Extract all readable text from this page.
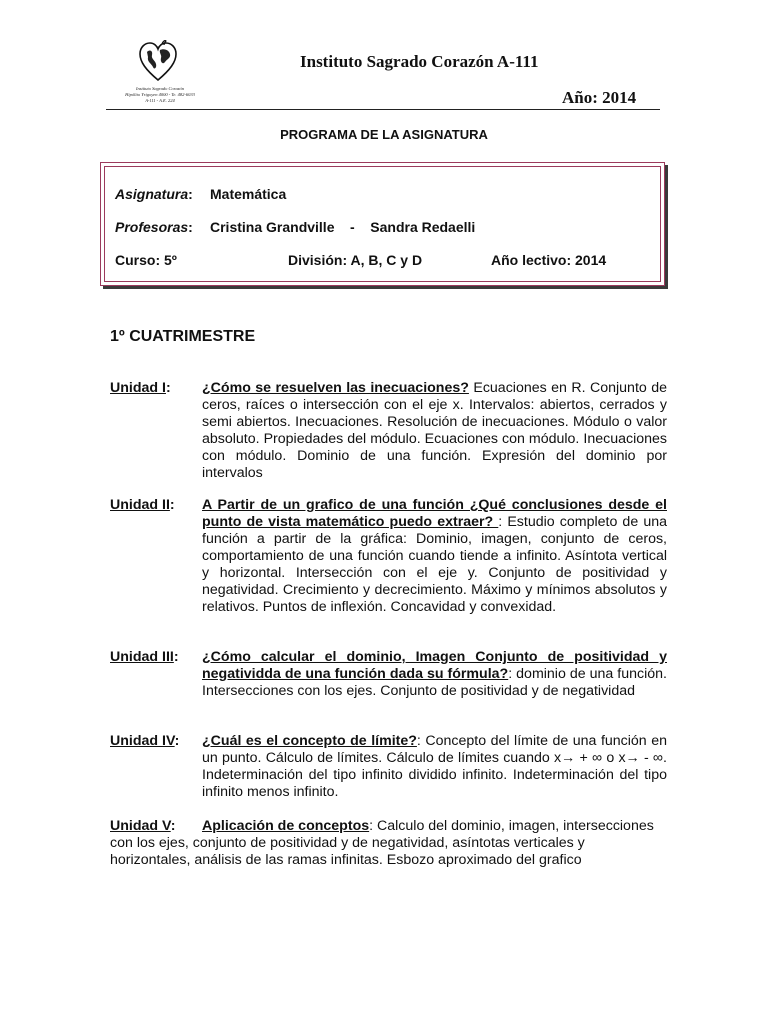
Instituto Sagrado Corazón
Hipólito Yrigoyen 4000 - Te. 482-6033
A-111 - A.E. 224
Instituto Sagrado Corazón A-111
Año: 2014
PROGRAMA DE LA ASIGNATURA
Asignatura: Matemática
Profesoras: Cristina Grandville    -    Sandra Redaelli
Curso: 5º	División: A, B, C y D	Año lectivo: 2014
1º CUATRIMESTRE
Unidad I: ¿Cómo se resuelven las inecuaciones? Ecuaciones en R. Conjunto de ceros, raíces o intersección con el eje x. Intervalos: abiertos, cerrados y semi abiertos. Inecuaciones. Resolución de inecuaciones. Módulo o valor absoluto. Propiedades del módulo. Ecuaciones con módulo. Inecuaciones con módulo. Dominio de una función. Expresión del dominio por intervalos
Unidad II: A Partir de un grafico de una función ¿Qué conclusiones desde el punto de vista matemático puedo extraer? : Estudio completo de una función a partir de la gráfica: Dominio, imagen, conjunto de ceros, comportamiento de una función cuando tiende a infinito. Asíntota vertical y horizontal. Intersección con el eje y. Conjunto de positividad y negatividad. Crecimiento y decrecimiento. Máximo y mínimos absolutos y relativos. Puntos de inflexión. Concavidad y convexidad.
Unidad III: ¿Cómo calcular el dominio, Imagen Conjunto de positividad y negatividda de una función dada su fórmula?: dominio de una función. Intersecciones con los ejes. Conjunto de positividad y de negatividad
Unidad IV: ¿Cuál es el concepto de límite?: Concepto del límite de una función en un punto. Cálculo de límites. Cálculo de límites cuando x→ + ∞ o x→ - ∞. Indeterminación del tipo infinito dividido infinito. Indeterminación del tipo infinito menos infinito.
Unidad V:	Aplicación de conceptos: Calculo del dominio, imagen, intersecciones con los ejes, conjunto de positividad y de negatividad, asíntotas verticales y horizontales, análisis de las ramas infinitas. Esbozo aproximado del grafico
